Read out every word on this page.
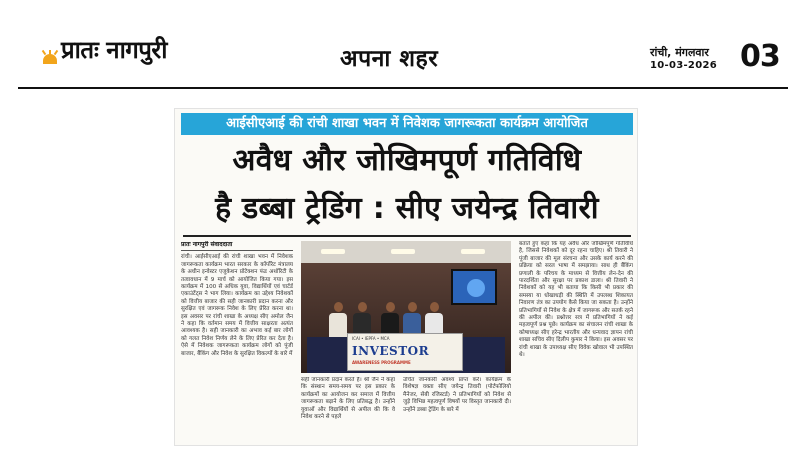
प्रातः नागपुरी	अपना शहर	रांची, मंगलवार
10-03-2026 03
आईसीएआई की रांची शाखा भवन में निवेशक जागरूकता कार्यक्रम आयोजित
अवैध और जोखिमपूर्ण गतिविधि
है डब्बा ट्रेडिंग : सीए जयेन्द्र तिवारी
प्रातः नागपुरी संवाददाता
रांची। आईसीएआई की रांची शाखा भवन में निवेशक जागरूकता कार्यक्रम भारत सरकार के कॉर्पोरेट मंत्रालय के अधीन इन्वेस्टर एजुकेशन प्रोटेक्शन फंड अथॉरिटी के तत्वावधान में 9 मार्च को आयोजित किया गया। इस कार्यक्रम में 100 से अधिक युवा, विद्यार्थियों एवं चार्टर्ड एकाउंटेंट्स ने भाग लिया। कार्यक्रम का उद्देश्य निवेशकों को वित्तीय बाजार की सही जानकारी प्रदान करना और सुरक्षित एवं जागरूक निवेश के लिए प्रेरित करना था। इस अवसर पर रांची शाखा के अध्यक्ष सीए अमोल जैन ने कहा कि वर्तमान समय में वित्तीय साक्षरता अत्यंत आवश्यक है। सही जानकारी का अभाव कई बार लोगों को गलत निवेश निर्णय लेने के लिए प्रेरित कर देता है। ऐसे में निवेशक जागरूकता कार्यक्रम लोगों को पूंजी बाजार, बैंकिंग और निवेश के सुरक्षित विकल्पों के बारे में
ICAI • IEPFA • MCA
INVESTOR
AWARENESS PROGRAMME
सही जानकारी प्रदान करते हैं। श्री जैन ने कहा कि संस्थान समय-समय पर इस प्रकार के कार्यक्रमों का आयोजन कर समाज में वित्तीय जागरूकता बढ़ाने के लिए प्रतिबद्ध है। उन्होंने युवाओं और विद्यार्थियों से अपील की कि वे निवेश करने से पहले
उचित जानकारी अवश्य प्राप्त करें। कार्यक्रम के विशेषज्ञ वक्ता सीए जयेन्द्र तिवारी (पोर्टफोलियो मैनेजर, सेबी रजिस्टर्ड) ने प्रतिभागियों को निवेश से जुड़े विभिन्न महत्वपूर्ण विषयों पर विस्तृत जानकारी दी। उन्होंने डब्बा ट्रेडिंग के बारे में
बताते हुए कहा कि यह अवैध और जोखिमपूर्ण गतिविधि है, जिससे निवेशकों को दूर रहना चाहिए। श्री तिवारी ने पूंजी बाजार की मूल संरचना और उसके कार्य करने की प्रक्रिया को सरल भाषा में समझाया। साथ ही बैंकिंग प्रणाली के परिचय के माध्यम से वित्तीय लेन-देन की पारदर्शिता और सुरक्षा पर प्रकाश डाला। श्री तिवारी ने निवेशकों को यह भी बताया कि किसी भी प्रकार की समस्या या धोखाधड़ी की स्थिति में उपलब्ध शिकायत निवारण तंत्र का उपयोग कैसे किया जा सकता है। उन्होंने प्रतिभागियों से निवेश के क्षेत्र में जागरूक और सतर्क रहने की अपील की। प्रश्नोत्तर सत्र में प्रतिभागियों ने कई महत्वपूर्ण प्रश्न पूछे। कार्यक्रम का संचालन रांची शाखा के कोषाध्यक्ष सीए हरेन्द्र भारतीय और धन्यवाद ज्ञापन रांची शाखा सचिव सीए दिलीप कुमार ने किया। इस अवसर पर रांची शाखा के उपाध्यक्ष सीए विवेक खोवाल भी उपस्थित थे।
